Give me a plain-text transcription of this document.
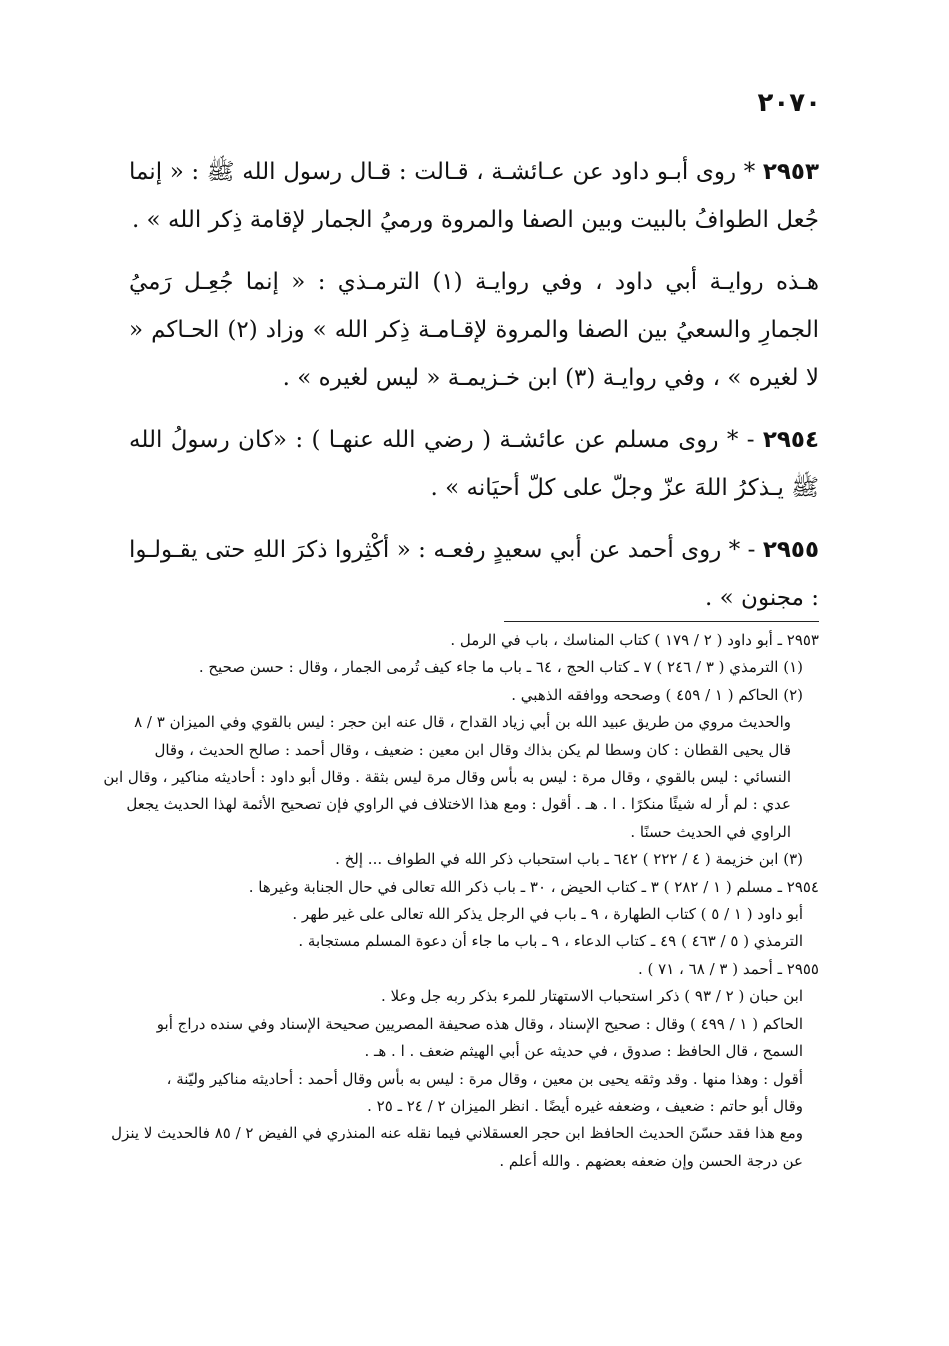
٢٠٧٠

٢٩٥٣ * روى أبـو داود عن عـائشـة ، قـالت : قـال رسول الله ﷺ : « إنما جُعل الطوافُ بالبيت وبين الصفا والمروة ورميُ الجمار لإقامة ذِكر الله » .

هـذه روايـة أبي داود ، وفي روايـة (١) الترمـذي : « إنما جُعِـل رَميُ الجمارِ والسعيُ بين الصفا والمروة لإقـامـة ذِكر الله » وزاد (٢) الحـاكم « لا لغيره » ، وفي روايـة (٣) ابن خـزيمـة « ليس لغيره » .

٢٩٥٤ - * روى مسلم عن عائشـة ( رضي الله عنهـا ) : «كان رسولُ الله ﷺ يـذكرُ اللهَ عزّ وجلّ على كلّ أحيَانه » .

٢٩٥٥ - * روى أحمد عن أبي سعيدٍ رفعـه : « أكْثِروا ذكرَ اللهِ حتى يقـولـوا : مجنون » .

٢٩٥٣ ـ أبو داود ( ٢ / ١٧٩ ) كتاب المناسك ، باب في الرمل .

(١) الترمذي ( ٣ / ٢٤٦ ) ٧ ـ كتاب الحج ، ٦٤ ـ باب ما جاء كيف تُرمى الجمار ، وقال : حسن صحيح .

(٢) الحاكم ( ١ / ٤٥٩ ) وصححه ووافقه الذهبي .

والحديث مروي من طريق عبيد الله بن أبي زياد القداح ، قال عنه ابن حجر : ليس بالقوي وفي الميزان ٣ / ٨

قال يحيى القطان : كان وسطا لم يكن بذاك وقال ابن معين : ضعيف ، وقال أحمد : صالح الحديث ، وقال

النسائي : ليس بالقوي ، وقال مرة : ليس به بأس وقال مرة ليس بثقة . وقال أبو داود : أحاديثه مناكير ، وقال ابن

عدي : لم أر له شيئًا منكرًا . ا . هـ . أقول : ومع هذا الاختلاف في الراوي فإن تصحيح الأئمة لهذا الحديث يجعل

الراوي في الحديث حسنًا .

(٣) ابن خزيمة ( ٤ / ٢٢٢ ) ٦٤٢ ـ باب استحباب ذكر الله في الطواف ... إلخ .

٢٩٥٤ ـ مسلم ( ١ / ٢٨٢ ) ٣ ـ كتاب الحيض ، ٣٠ ـ باب ذكر الله تعالى في حال الجنابة وغيرها .

أبو داود ( ١ / ٥ ) كتاب الطهارة ، ٩ ـ باب في الرجل يذكر الله تعالى على غير طهر .

الترمذي ( ٥ / ٤٦٣ ) ٤٩ ـ كتاب الدعاء ، ٩ ـ باب ما جاء أن دعوة المسلم مستجابة .

٢٩٥٥ ـ أحمد ( ٣ / ٦٨ ، ٧١ ) .

ابن حبان ( ٢ / ٩٣ ) ذكر استحباب الاستهتار للمرء بذكر ربه جل وعلا .

الحاكم ( ١ / ٤٩٩ ) وقال : صحيح الإسناد ، وقال هذه صحيفة المصريين صحيحة الإسناد وفي سنده دراج أبو

السمح ، قال الحافظ : صدوق ، في حديثه عن أبي الهيثم ضعف . ا . هـ .

أقول : وهذا منها . وقد وثقه يحيى بن معين ، وقال مرة : ليس به بأس وقال أحمد : أحاديثه مناكير وليّنة ،

وقال أبو حاتم : ضعيف ، وضعفه غيره أيضًا . انظر الميزان ٢ / ٢٤ ـ ٢٥ .

ومع هذا فقد حسّنَ الحديث الحافظ ابن حجر العسقلاني فيما نقله عنه المنذري في الفيض ٢ / ٨٥ فالحديث لا ينزل

عن درجة الحسن وإن ضعفه بعضهم . والله أعلم .
